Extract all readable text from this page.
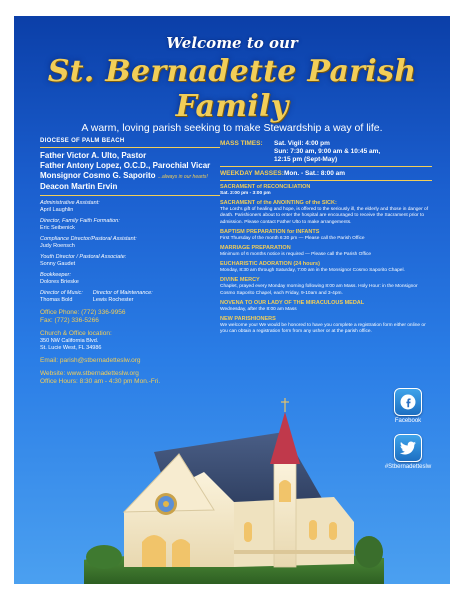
Welcome to our
St. Bernadette Parish Family
A warm, loving parish seeking to make Stewardship a way of life.
DIOCESE OF PALM BEACH
Father Victor A. Ulto, Pastor
Father Antony Lopez, O.C.D., Parochial Vicar
Monsignor Cosmo G. Saporito ...always in our hearts!
Deacon Martin Ervin
Administrative Assistant:
April Laughlin
Director, Family Faith Formation:
Eric Seibenick
Compliance Director/Pastoral Assistant:
Judy Roensch
Youth Director / Pastoral Associate:
Sonny Gaudet
Bookkeeper:
Dolores Brieske
Director of Music:
Thomas Bold
Director of Maintenance:
Lewis Rochester
Office Phone: (772) 336-9956
Fax: (772) 336-5266
Church & Office location:
350 NW California Blvd.
St. Lucie West, FL 34986
Email: parish@stbernadetteslw.org
Website: www.stbernadetteslw.org
Office Hours: 8:30 am - 4:30 pm Mon.-Fri.
MASS TIMES:	Sat. Vigil: 4:00 pm
Sun: 7:30 am, 9:00 am & 10:45 am,
12:15 pm (Sept-May)
WEEKDAY MASSES: Mon. - Sat.: 8:00 am
SACRAMENT of RECONCILIATION
Sat. 2:00 pm - 3:00 pm
SACRAMENT of the ANOINTING of the SICK:
The Lord's gift of healing and hope, is offered to the seriously ill, the elderly and those in danger of death. Parishioners about to enter the hospital are encouraged to receive the Sacrament prior to admission. Please contact Father Ulto to make arrangements.
BAPTISM PREPARATION for INFANTS
First Thursday of the month 6:30 pm — Please call the Parish Office
MARRIAGE PREPARATION
Minimum of 6 months notice is required — Please call the Parish Office
EUCHARISTIC ADORATION (24 hours)
Monday, 8:30 am through Saturday, 7:00 am in the Monsignor Cosmo Saporito Chapel.
DIVINE MERCY
Chaplet, prayed every Monday morning following 8:00 am Mass. Holy Hour: in the Monsignor Cosmo Saporito Chapel, each Friday, 9-10am and 3-4pm.
NOVENA TO OUR LADY OF THE MIRACULOUS MEDAL
Wednesday, after the 8:00 am Mass
NEW PARISHIONERS
We welcome you! We would be honored to have you complete a registration form either online or you can obtain a registration form from any usher or at the parish office.
Facebook
#Stbernadetteslw
